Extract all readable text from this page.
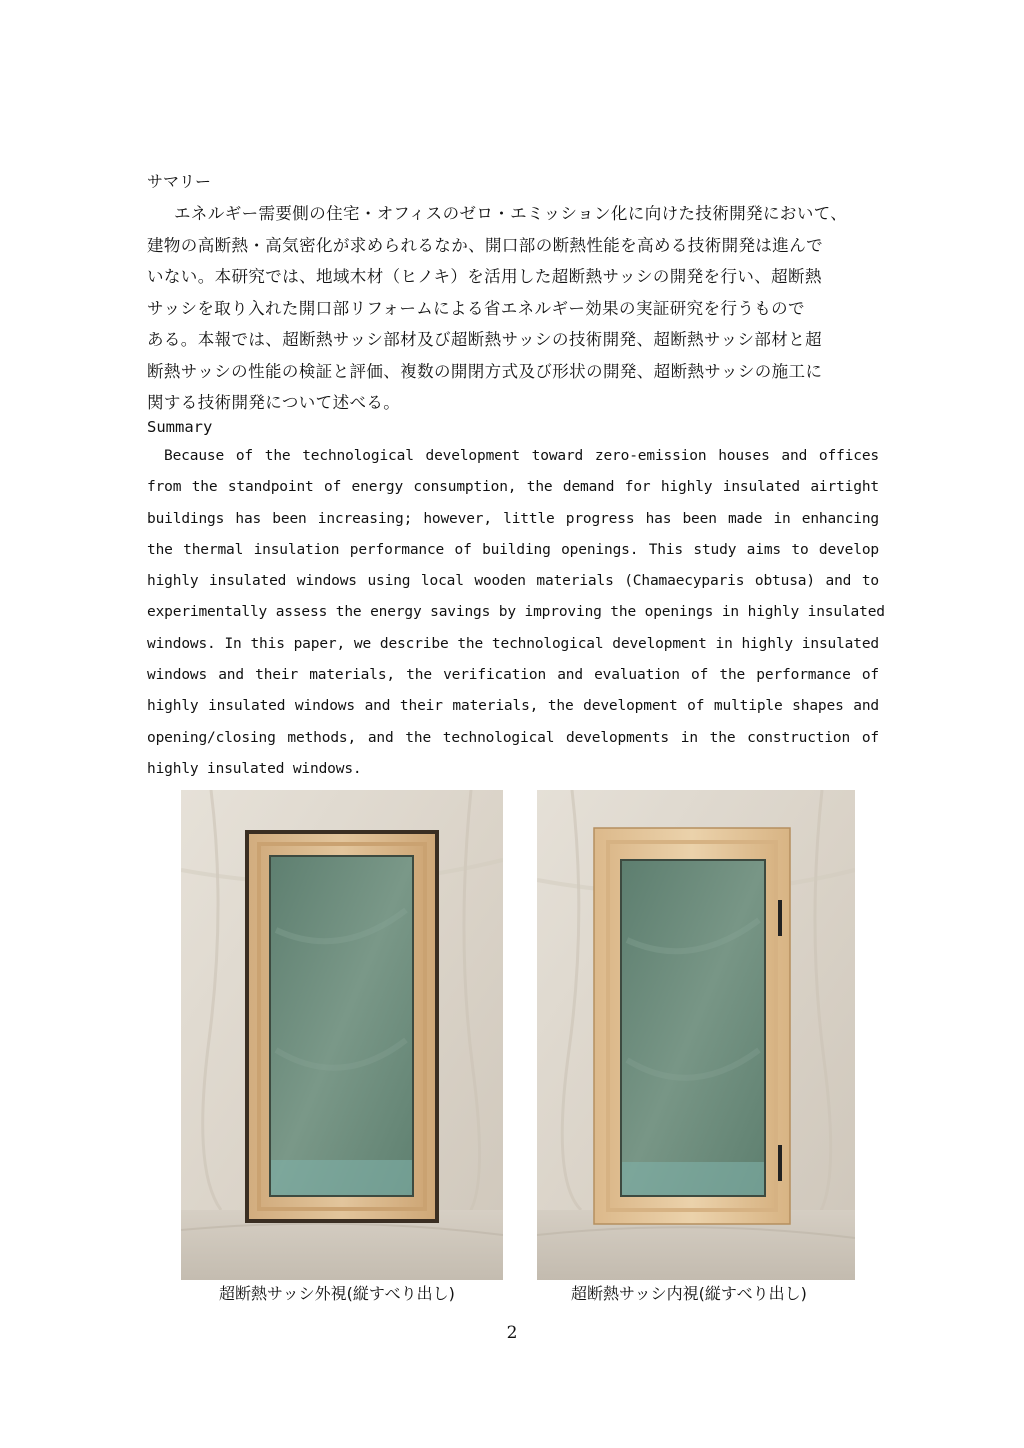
サマリー
エネルギー需要側の住宅・オフィスのゼロ・エミッション化に向けた技術開発において、
建物の高断熱・高気密化が求められるなか、開口部の断熱性能を高める技術開発は進んで
いない。本研究では、地域木材（ヒノキ）を活用した超断熱サッシの開発を行い、超断熱
サッシを取り入れた開口部リフォームによる省エネルギー効果の実証研究を行うもので
ある。本報では、超断熱サッシ部材及び超断熱サッシの技術開発、超断熱サッシ部材と超
断熱サッシの性能の検証と評価、複数の開閉方式及び形状の開発、超断熱サッシの施工に
関する技術開発について述べる。
Summary
Because of the technological development toward zero-emission houses and offices
from the standpoint of energy consumption, the demand for highly insulated airtight
buildings has been increasing; however, little progress has been made in enhancing
the thermal insulation performance of building openings. This study aims to develop
highly insulated windows using local wooden materials (Chamaecyparis obtusa) and to
experimentally assess the energy savings by improving the openings in highly insulated
windows. In this paper, we describe the technological development in highly insulated
windows and their materials, the verification and evaluation of the performance of
highly insulated windows and their materials, the development of multiple shapes and
opening/closing methods, and the technological developments in the construction of
highly insulated windows.
超断熱サッシ外視(縦すべり出し)	超断熱サッシ内視(縦すべり出し)
2
